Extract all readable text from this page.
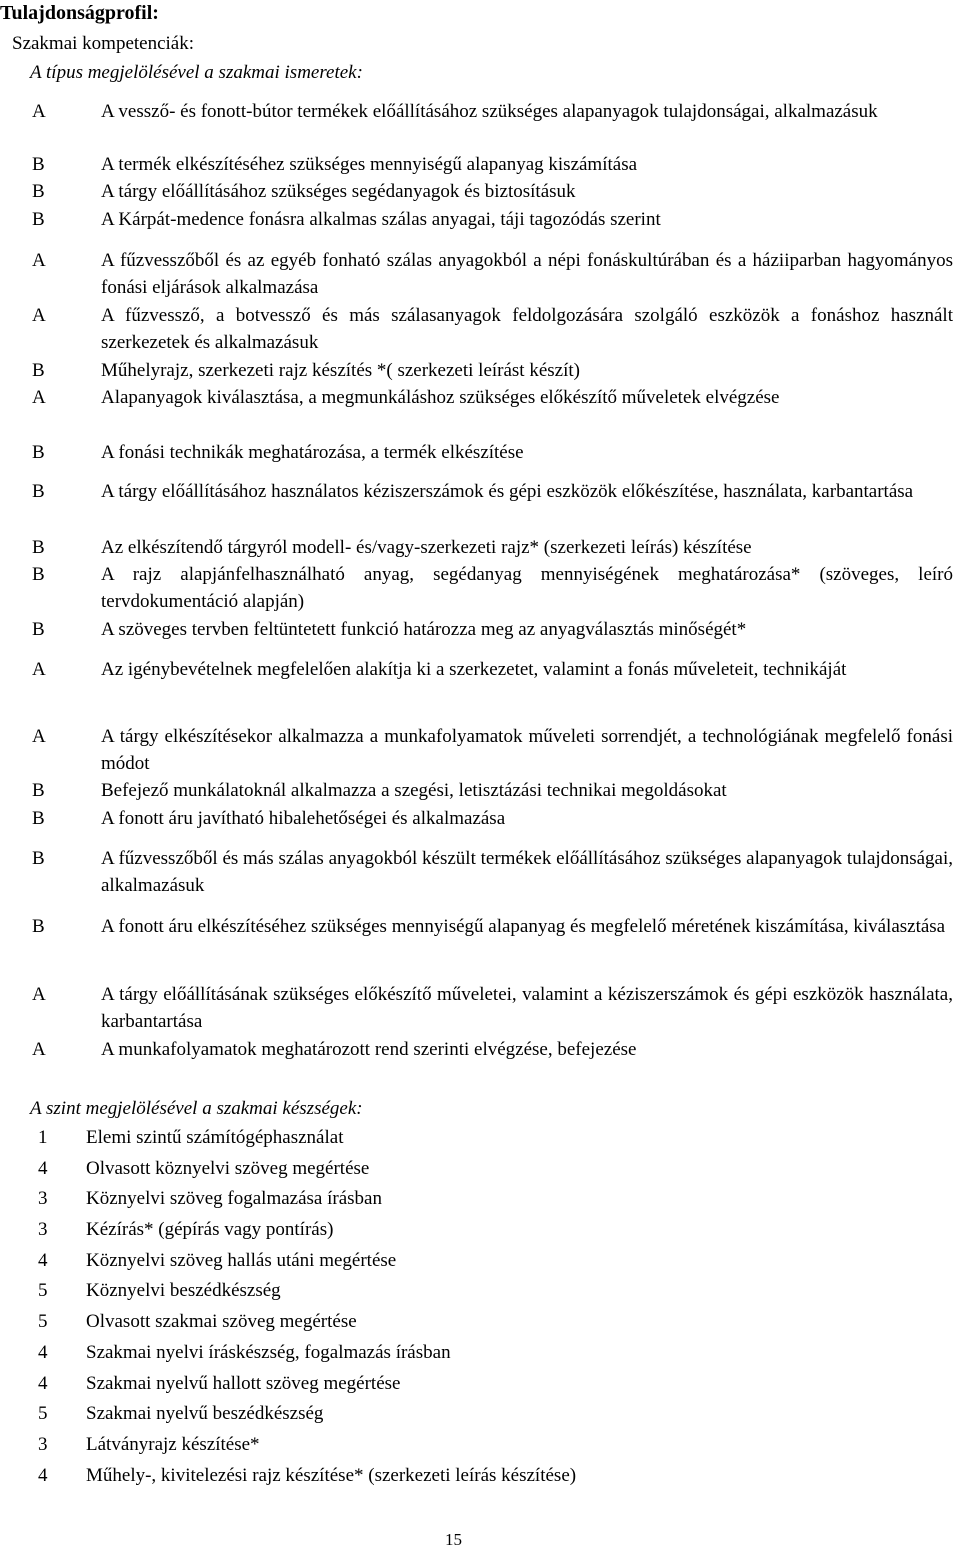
Tulajdonságprofil:
Szakmai kompetenciák:
A típus megjelölésével a szakmai ismeretek:
A	A vessző- és fonott-bútor termékek előállításához szükséges alapanyagok tulajdonságai, alkalmazásuk
B	A termék elkészítéséhez szükséges mennyiségű alapanyag kiszámítása
B	A tárgy előállításához szükséges segédanyagok és biztosításuk
B	A Kárpát-medence fonásra alkalmas szálas anyagai, táji tagozódás szerint
A	A fűzvesszőből és az egyéb fonható szálas anyagokból a népi fonáskultúrában és a háziiparban hagyományos fonási eljárások alkalmazása
A	A fűzvessző, a botvessző és más szálasanyagok feldolgozására szolgáló eszközök a fonáshoz használt szerkezetek és alkalmazásuk
B	Műhelyrajz, szerkezeti rajz készítés *( szerkezeti leírást készít)
A	Alapanyagok kiválasztása, a megmunkáláshoz szükséges előkészítő műveletek elvégzése
B	A fonási technikák meghatározása, a termék elkészítése
B	A tárgy előállításához használatos kéziszerszámok és gépi eszközök előkészítése, használata, karbantartása
B	Az elkészítendő tárgyról modell- és/vagy-szerkezeti rajz* (szerkezeti leírás) készítése
B	A rajz alapjánfelhasználható anyag, segédanyag mennyiségének meghatározása* (szöveges, leíró tervdokumentáció alapján)
B	A szöveges tervben feltüntetett funkció határozza meg az anyagválasztás minőségét*
A	Az igénybevételnek megfelelően alakítja ki a szerkezetet, valamint a fonás műveleteit, technikáját
A	A tárgy elkészítésekor alkalmazza a munkafolyamatok műveleti sorrendjét, a technológiának megfelelő fonási módot
B	Befejező munkálatoknál alkalmazza a szegési, letisztázási technikai megoldásokat
B	A fonott áru javítható hibalehetőségei és alkalmazása
B	A fűzvesszőből és más szálas anyagokból készült termékek előállításához szükséges alapanyagok tulajdonságai, alkalmazásuk
B	A fonott áru elkészítéséhez szükséges mennyiségű alapanyag és megfelelő méretének kiszámítása, kiválasztása
A	A tárgy előállításának szükséges előkészítő műveletei, valamint a kéziszerszámok és gépi eszközök használata, karbantartása
A	A munkafolyamatok meghatározott rend szerinti elvégzése, befejezése
A szint megjelölésével a szakmai készségek:
1 Elemi szintű számítógéphasználat
4 Olvasott köznyelvi szöveg megértése
3 Köznyelvi szöveg fogalmazása írásban
3 Kézírás* (gépírás vagy pontírás)
4 Köznyelvi szöveg hallás utáni megértése
5 Köznyelvi beszédkészség
5 Olvasott szakmai szöveg megértése
4 Szakmai nyelvi íráskészség, fogalmazás írásban
4 Szakmai nyelvű hallott szöveg megértése
5 Szakmai nyelvű beszédkészség
3 Látványrajz készítése*
4 Műhely-, kivitelezési rajz készítése* (szerkezeti leírás készítése)
15
